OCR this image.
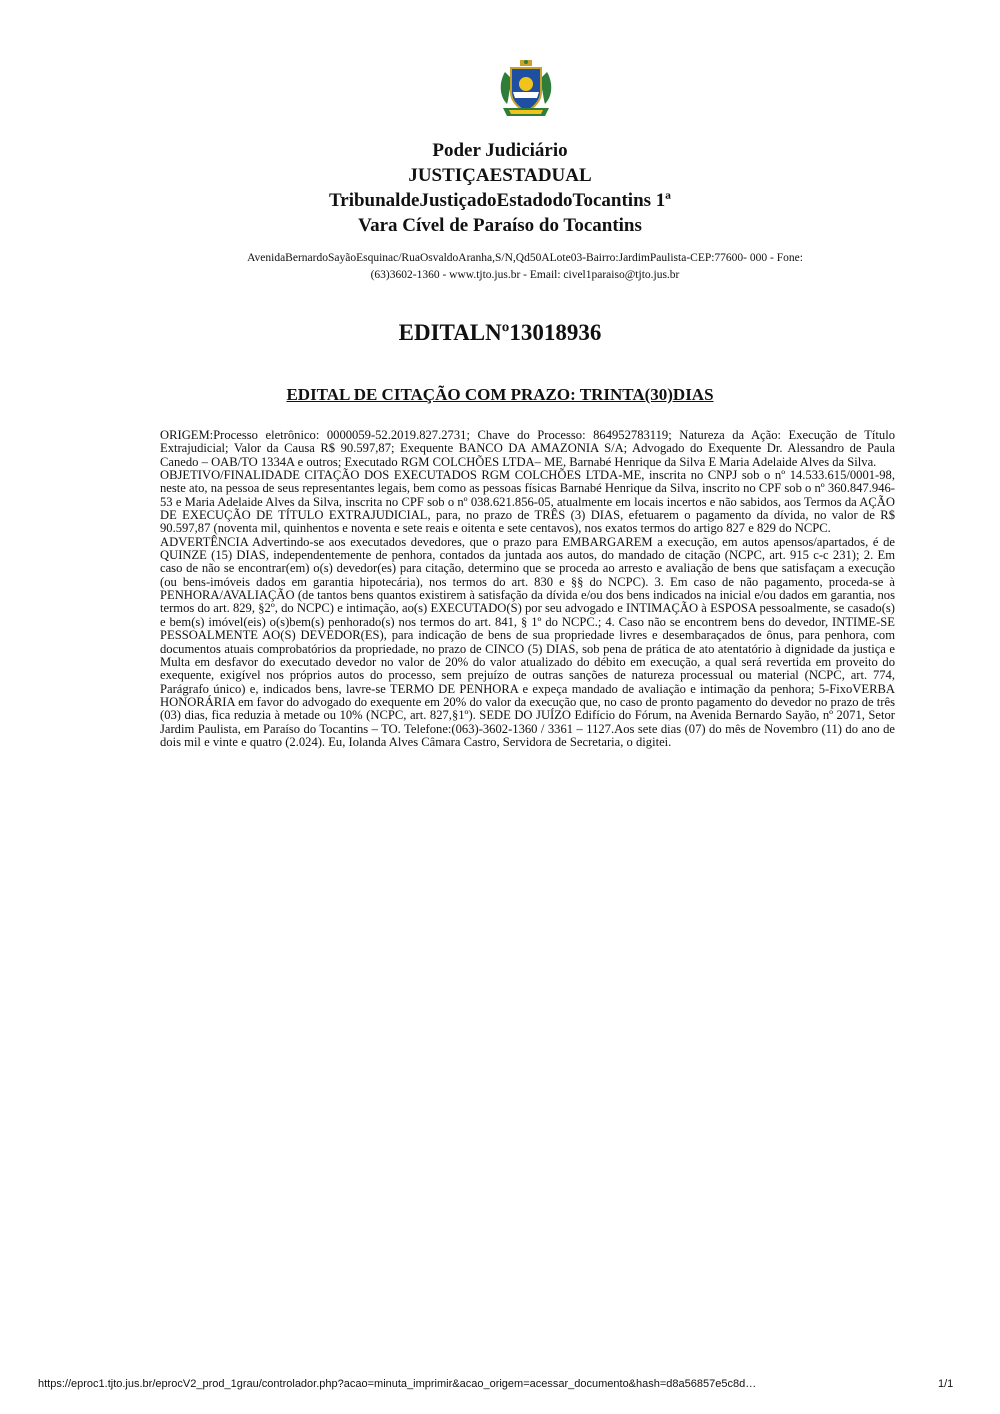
Poder Judiciário
JUSTIÇAESTADUAL
TribunaldeJustiçadoEstadodoTocantins 1ª
Vara Cível de Paraíso do Tocantins
AvenidaBernardoSayãoEsquinac/RuaOsvaldoAranha,S/N,Qd50ALote03-Bairro:JardimPaulista-CEP:77600- 000 - Fone:
(63)3602-1360 - www.tjto.jus.br - Email: civel1paraiso@tjto.jus.br
EDITALNº13018936
EDITAL DE CITAÇÃO COM PRAZO: TRINTA(30)DIAS

ORIGEM:Processo eletrônico: 0000059-52.2019.827.2731; Chave do Processo: 864952783119; Natureza da Ação: Execução de Título Extrajudicial; Valor da Causa R$ 90.597,87; Exequente BANCO DA AMAZONIA S/A; Advogado do Exequente Dr. Alessandro de Paula Canedo – OAB/TO 1334A e outros; Executado RGM COLCHÕES LTDA– ME, Barnabé Henrique da Silva E Maria Adelaide Alves da Silva.

OBJETIVO/FINALIDADE CITAÇÃO DOS EXECUTADOS RGM COLCHÕES LTDA-ME, inscrita no CNPJ sob o nº 14.533.615/0001-98, neste ato, na pessoa de seus representantes legais, bem como as pessoas físicas Barnabé Henrique da Silva, inscrito no CPF sob o nº 360.847.946-53 e Maria Adelaide Alves da Silva, inscrita no CPF sob o nº 038.621.856-05, atualmente em locais incertos e não sabidos, aos Termos da AÇÃO DE EXECUÇÃO DE TÍTULO EXTRAJUDICIAL, para, no prazo de TRÊS (3) DIAS, efetuarem o pagamento da dívida, no valor de R$ 90.597,87 (noventa mil, quinhentos e noventa e sete reais e oitenta e sete centavos), nos exatos termos do artigo 827 e 829 do NCPC.

ADVERTÊNCIA Advertindo-se aos executados devedores, que o prazo para EMBARGAREM a execução, em autos apensos/apartados, é de QUINZE (15) DIAS, independentemente de penhora, contados da juntada aos autos, do mandado de citação (NCPC, art. 915 c-c 231); 2. Em caso de não se encontrar(em) o(s) devedor(es) para citação, determino que se proceda ao arresto e avaliação de bens que satisfaçam a execução (ou bens-imóveis dados em garantia hipotecária), nos termos do art. 830 e §§ do NCPC). 3. Em caso de não pagamento, proceda-se à PENHORA/AVALIAÇÃO (de tantos bens quantos existirem à satisfação da dívida e/ou dos bens indicados na inicial e/ou dados em garantia, nos termos do art. 829, §2º, do NCPC) e intimação, ao(s) EXECUTADO(S) por seu advogado e INTIMAÇÃO à ESPOSA pessoalmente, se casado(s) e bem(s) imóvel(eis) o(s)bem(s) penhorado(s) nos termos do art. 841, § 1º do NCPC.; 4. Caso não se encontrem bens do devedor, INTIME-SE PESSOALMENTE AO(S) DEVEDOR(ES), para indicação de bens de sua propriedade livres e desembaraçados de ônus, para penhora, com documentos atuais comprobatórios da propriedade, no prazo de CINCO (5) DIAS, sob pena de prática de ato atentatório à dignidade da justiça e Multa em desfavor do executado devedor no valor de 20% do valor atualizado do débito em execução, a qual será revertida em proveito do exequente, exigível nos próprios autos do processo, sem prejuízo de outras sanções de natureza processual ou material (NCPC, art. 774, Parágrafo único) e, indicados bens, lavre-se TERMO DE PENHORA e expeça mandado de avaliação e intimação da penhora; 5-FixoVERBA HONORÁRIA em favor do advogado do exequente em 20% do valor da execução que, no caso de pronto pagamento do devedor no prazo de três (03) dias, fica reduzia à metade ou 10% (NCPC, art. 827,§1º). SEDE DO JUÍZO Edifício do Fórum, na Avenida Bernardo Sayão, nº 2071, Setor Jardim Paulista, em Paraíso do Tocantins – TO. Telefone:(063)-3602-1360 / 3361 – 1127.Aos sete dias (07) do mês de Novembro (11) do ano de dois mil e vinte e quatro (2.024). Eu, Iolanda Alves Câmara Castro, Servidora de Secretaria, o digitei.

https://eproc1.tjto.jus.br/eprocV2_prod_1grau/controlador.php?acao=minuta_imprimir&acao_origem=acessar_documento&hash=d8a56857e5c8d…	1/1
